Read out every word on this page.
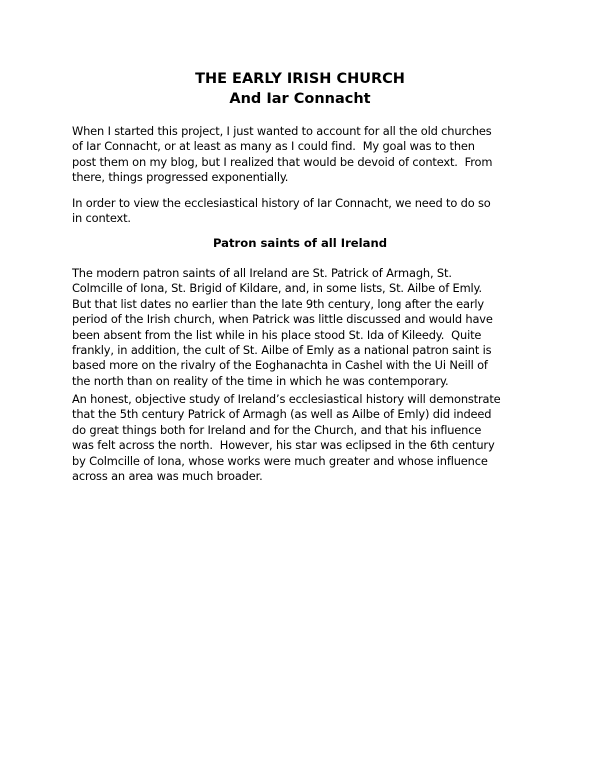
THE EARLY IRISH CHURCH
And Iar Connacht
When I started this project, I just wanted to account for all the old churches
of Iar Connacht, or at least as many as I could find.  My goal was to then
post them on my blog, but I realized that would be devoid of context.  From
there, things progressed exponentially.
In order to view the ecclesiastical history of Iar Connacht, we need to do so
in context.
Patron saints of all Ireland
The modern patron saints of all Ireland are St. Patrick of Armagh, St.
Colmcille of Iona, St. Brigid of Kildare, and, in some lists, St. Ailbe of Emly.
But that list dates no earlier than the late 9th century, long after the early
period of the Irish church, when Patrick was little discussed and would have
been absent from the list while in his place stood St. Ida of Kileedy.  Quite
frankly, in addition, the cult of St. Ailbe of Emly as a national patron saint is
based more on the rivalry of the Eoghanachta in Cashel with the Ui Neill of
the north than on reality of the time in which he was contemporary.
An honest, objective study of Ireland’s ecclesiastical history will demonstrate
that the 5th century Patrick of Armagh (as well as Ailbe of Emly) did indeed
do great things both for Ireland and for the Church, and that his influence
was felt across the north.  However, his star was eclipsed in the 6th century
by Colmcille of Iona, whose works were much greater and whose influence
across an area was much broader.
